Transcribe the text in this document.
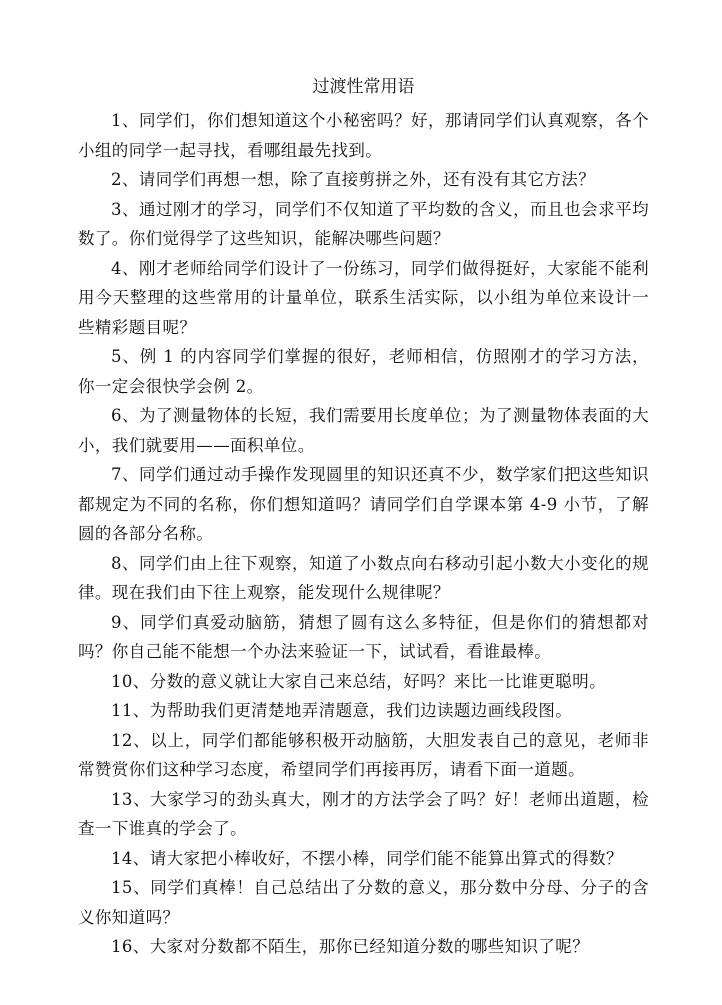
过渡性常用语

1、同学们，你们想知道这个小秘密吗？好，那请同学们认真观察，各个小组的同学一起寻找，看哪组最先找到。

2、请同学们再想一想，除了直接剪拼之外，还有没有其它方法？

3、通过刚才的学习，同学们不仅知道了平均数的含义，而且也会求平均数了。你们觉得学了这些知识，能解决哪些问题？

4、刚才老师给同学们设计了一份练习，同学们做得挺好，大家能不能利用今天整理的这些常用的计量单位，联系生活实际，以小组为单位来设计一些精彩题目呢？

5、例 1 的内容同学们掌握的很好，老师相信，仿照刚才的学习方法，你一定会很快学会例 2。

6、为了测量物体的长短，我们需要用长度单位；为了测量物体表面的大小，我们就要用——面积单位。

7、同学们通过动手操作发现圆里的知识还真不少，数学家们把这些知识都规定为不同的名称，你们想知道吗？请同学们自学课本第 4-9 小节，了解圆的各部分名称。

8、同学们由上往下观察，知道了小数点向右移动引起小数大小变化的规律。现在我们由下往上观察，能发现什么规律呢？

9、同学们真爱动脑筋，猜想了圆有这么多特征，但是你们的猜想都对吗？你自己能不能想一个办法来验证一下，试试看，看谁最棒。

10、分数的意义就让大家自己来总结，好吗？来比一比谁更聪明。

11、为帮助我们更清楚地弄清题意，我们边读题边画线段图。

12、以上，同学们都能够积极开动脑筋，大胆发表自己的意见，老师非常赞赏你们这种学习态度，希望同学们再接再厉，请看下面一道题。

13、大家学习的劲头真大，刚才的方法学会了吗？好！老师出道题，检查一下谁真的学会了。

14、请大家把小棒收好，不摆小棒，同学们能不能算出算式的得数？

15、同学们真棒！自己总结出了分数的意义，那分数中分母、分子的含义你知道吗？

16、大家对分数都不陌生，那你已经知道分数的哪些知识了呢？
